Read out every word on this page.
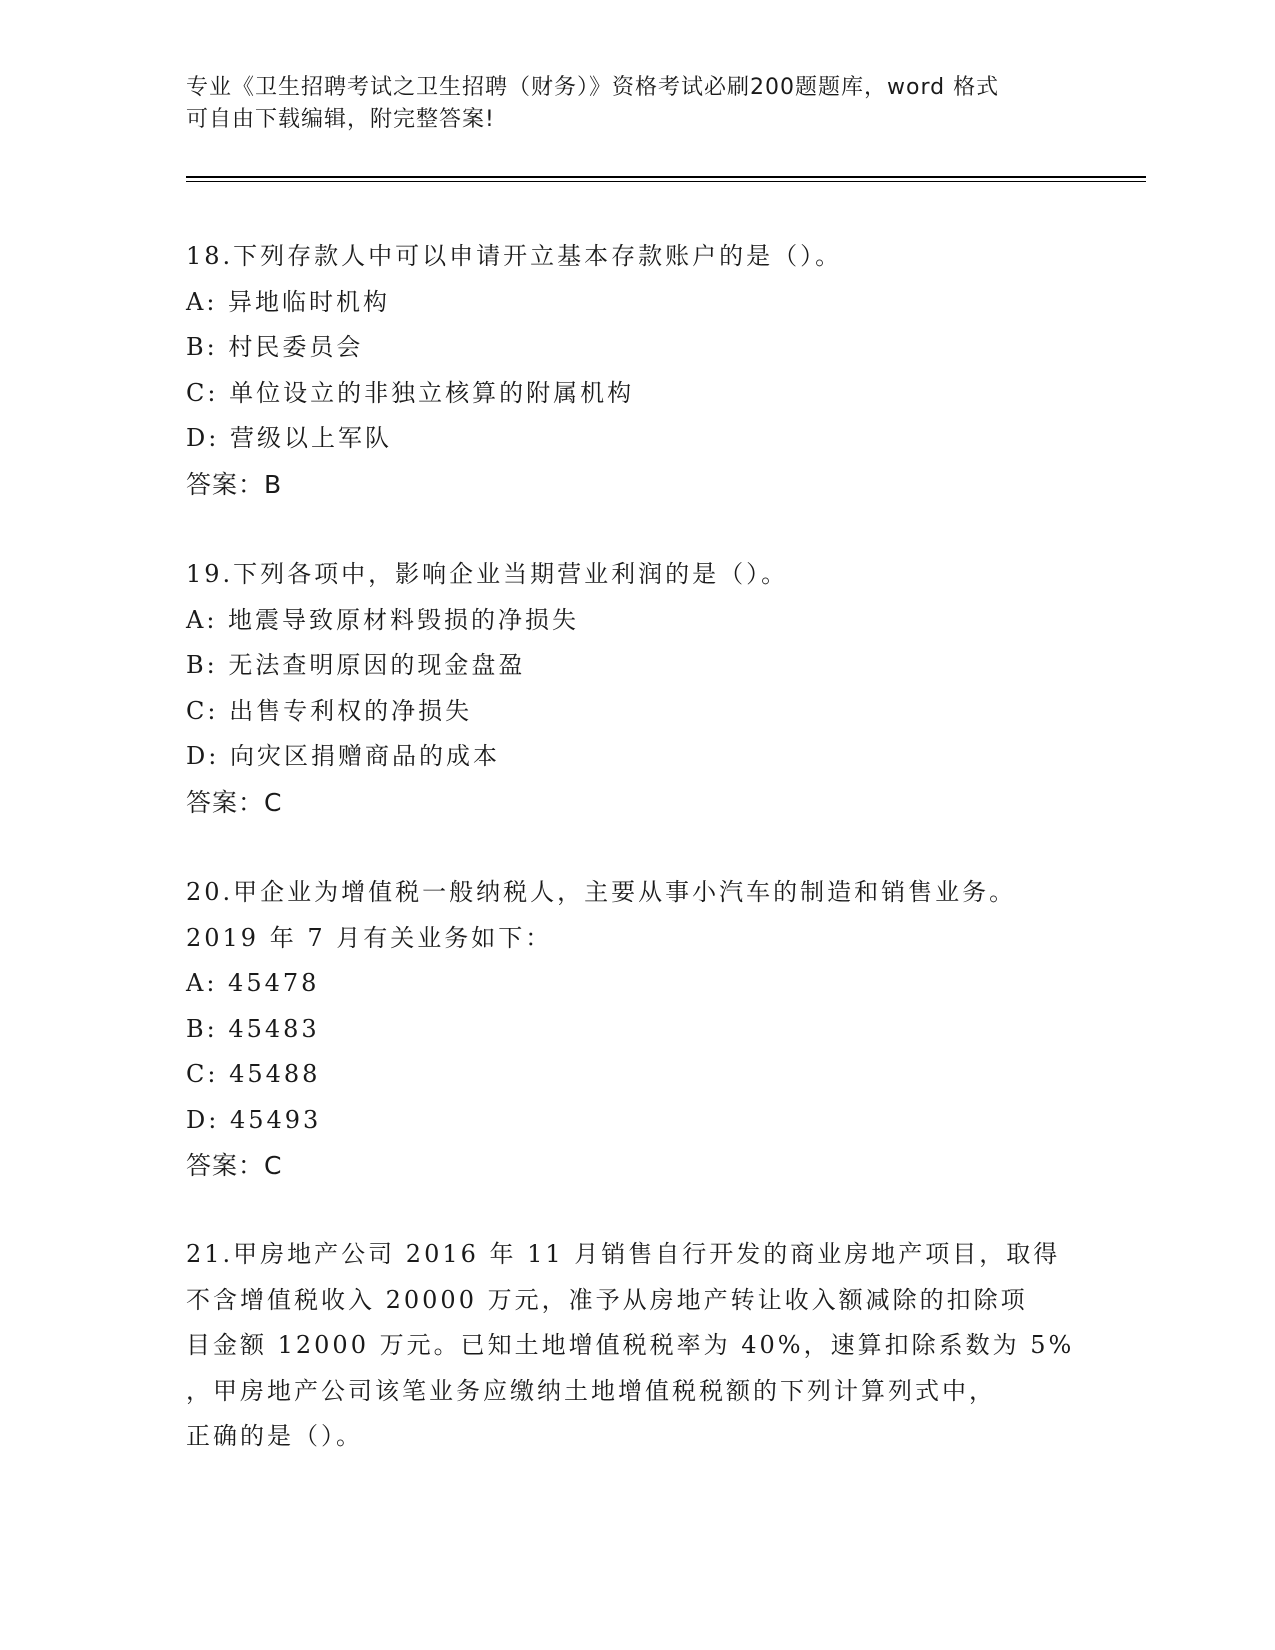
专业《卫生招聘考试之卫生招聘（财务）》资格考试必刷200题题库，word 格式
可自由下载编辑，附完整答案!
18.下列存款人中可以申请开立基本存款账户的是（）。
A: 异地临时机构
B: 村民委员会
C: 单位设立的非独立核算的附属机构
D: 营级以上军队
答案：B
19.下列各项中，影响企业当期营业利润的是（）。
A: 地震导致原材料毁损的净损失
B: 无法查明原因的现金盘盈
C: 出售专利权的净损失
D: 向灾区捐赠商品的成本
答案：C
20.甲企业为增值税一般纳税人，主要从事小汽车的制造和销售业务。
2019 年 7 月有关业务如下：
A: 45478
B: 45483
C: 45488
D: 45493
答案：C
21.甲房地产公司 2016 年 11 月销售自行开发的商业房地产项目，取得
不含增值税收入 20000 万元，准予从房地产转让收入额减除的扣除项
目金额 12000 万元。已知土地增值税税率为 40%，速算扣除系数为 5%
，甲房地产公司该笔业务应缴纳土地增值税税额的下列计算列式中，
正确的是（）。
